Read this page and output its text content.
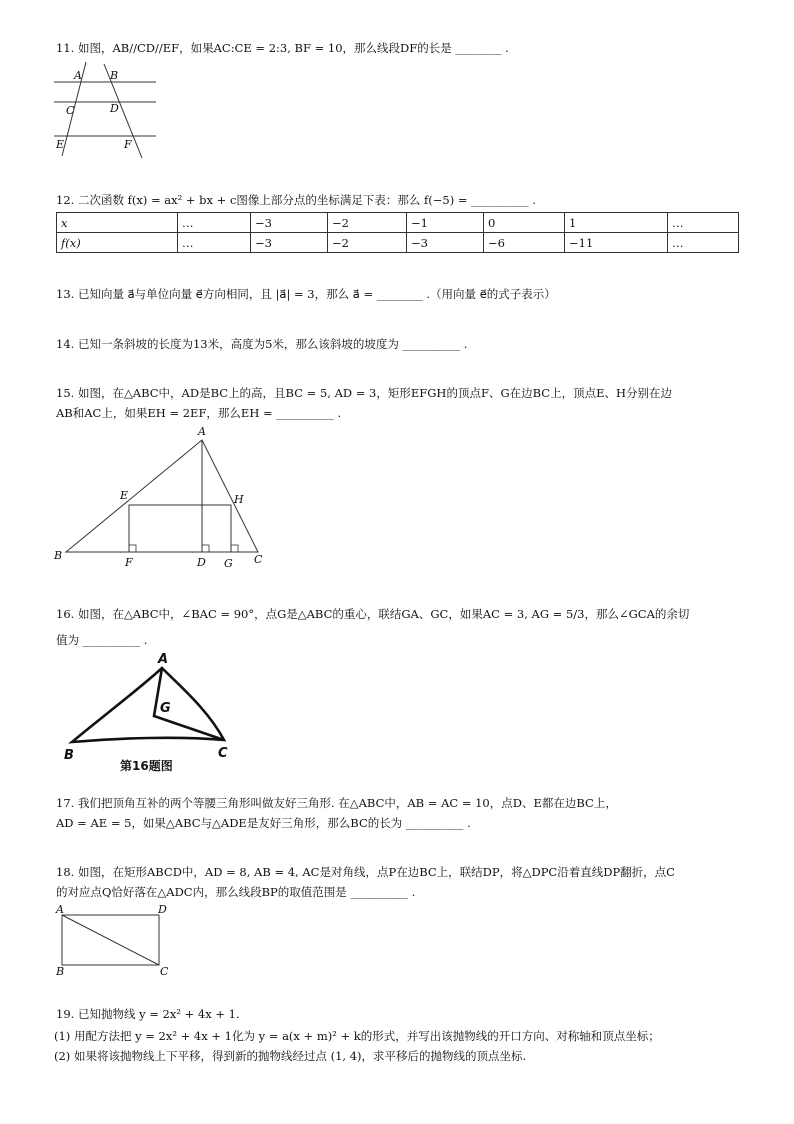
11. 如图，AB//CD//EF，如果AC:CE = 2:3, BF = 10，那么线段DF的长是 ________ .
A	B
C	D
E	F
12. 二次函数 f(x) = ax² + bx + c图像上部分点的坐标满足下表：那么 f(−5) = __________ .
x	…	−3	−2	−1	0	1	…
f(x)	…	−3	−2	−3	−6	−11	…
13. 已知向量 a⃗与单位向量 e⃗方向相同，且 |a⃗| = 3，那么 a⃗ = ________ .（用向量 e⃗的式子表示）
14. 已知一条斜坡的长度为13米，高度为5米，那么该斜坡的坡度为 __________ .
15. 如图，在△ABC中，AD是BC上的高，且BC = 5, AD = 3，矩形EFGH的顶点F、G在边BC上，顶点E、H分别在边
AB和AC上，如果EH = 2EF，那么EH = __________ .
A
B	C
D
E
F	G
H
16. 如图，在△ABC中，∠BAC = 90°，点G是△ABC的重心，联结GA、GC，如果AC = 3, AG = 5/3，那么∠GCA的余切
值为 __________ .
A
G
B	C
第16题图
17. 我们把顶角互补的两个等腰三角形叫做友好三角形. 在△ABC中，AB = AC = 10，点D、E都在边BC上，
AD = AE = 5，如果△ABC与△ADE是友好三角形，那么BC的长为 __________ .
18. 如图，在矩形ABCD中，AD = 8, AB = 4, AC是对角线，点P在边BC上，联结DP，将△DPC沿着直线DP翻折，点C
的对应点Q恰好落在△ADC内，那么线段BP的取值范围是 __________ .
A	D
B	C
19. 已知抛物线 y = 2x² + 4x + 1.
(1) 用配方法把 y = 2x² + 4x + 1化为 y = a(x + m)² + k的形式，并写出该抛物线的开口方向、对称轴和顶点坐标；
(2) 如果将该抛物线上下平移，得到新的抛物线经过点 (1, 4)，求平移后的抛物线的顶点坐标.
